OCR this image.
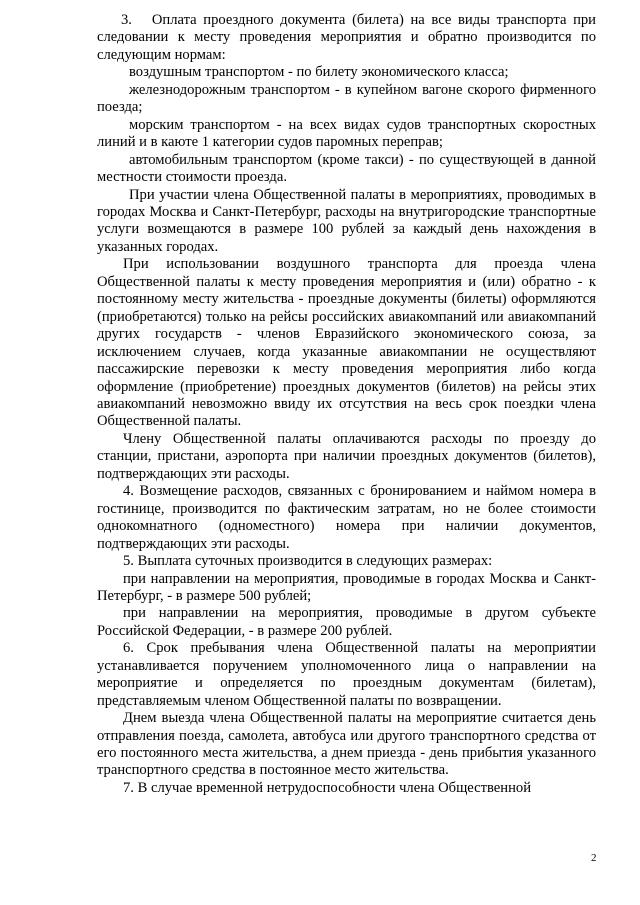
3.   Оплата проездного документа (билета) на все виды транспорта при следовании к месту проведения мероприятия и обратно производится по следующим нормам:

воздушным транспортом - по билету экономического класса;

железнодорожным транспортом - в купейном вагоне скорого фирменного поезда;

морским транспортом - на всех видах судов транспортных скоростных линий и в каюте 1 категории судов паромных переправ;

автомобильным транспортом (кроме такси) - по существующей в данной местности стоимости проезда.

При участии члена Общественной палаты в мероприятиях, проводимых в городах Москва и Санкт-Петербург, расходы на внутригородские транспортные услуги возмещаются в размере 100 рублей за каждый день нахождения в указанных городах.

При использовании воздушного транспорта для проезда члена Общественной палаты к месту проведения мероприятия и (или) обратно - к постоянному месту жительства - проездные документы (билеты) оформляются (приобретаются) только на рейсы российских авиакомпаний или авиакомпаний других государств - членов Евразийского экономического союза, за исключением случаев, когда указанные авиакомпании не осуществляют пассажирские перевозки к месту проведения мероприятия либо когда оформление (приобретение) проездных документов (билетов) на рейсы этих авиакомпаний невозможно ввиду их отсутствия на весь срок поездки члена Общественной палаты.

Члену Общественной палаты оплачиваются расходы по проезду до станции, пристани, аэропорта при наличии проездных документов (билетов), подтверждающих эти расходы.

4. Возмещение расходов, связанных с бронированием и наймом номера в гостинице, производится по фактическим затратам, но не более стоимости однокомнатного (одноместного) номера при наличии документов, подтверждающих эти расходы.

5. Выплата суточных производится в следующих размерах:

при направлении на мероприятия, проводимые в городах Москва и Санкт-Петербург, - в размере 500 рублей;

при направлении на мероприятия, проводимые в другом субъекте Российской Федерации, - в размере 200 рублей.

6. Срок пребывания члена Общественной палаты на мероприятии устанавливается поручением уполномоченного лица о направлении на мероприятие и определяется по проездным документам (билетам), представляемым членом Общественной палаты по возвращении.

Днем выезда члена Общественной палаты на мероприятие считается день отправления поезда, самолета, автобуса или другого транспортного средства от его постоянного места жительства, а днем приезда - день прибытия указанного транспортного средства в постоянное место жительства.

7. В случае временной нетрудоспособности члена Общественной

2
